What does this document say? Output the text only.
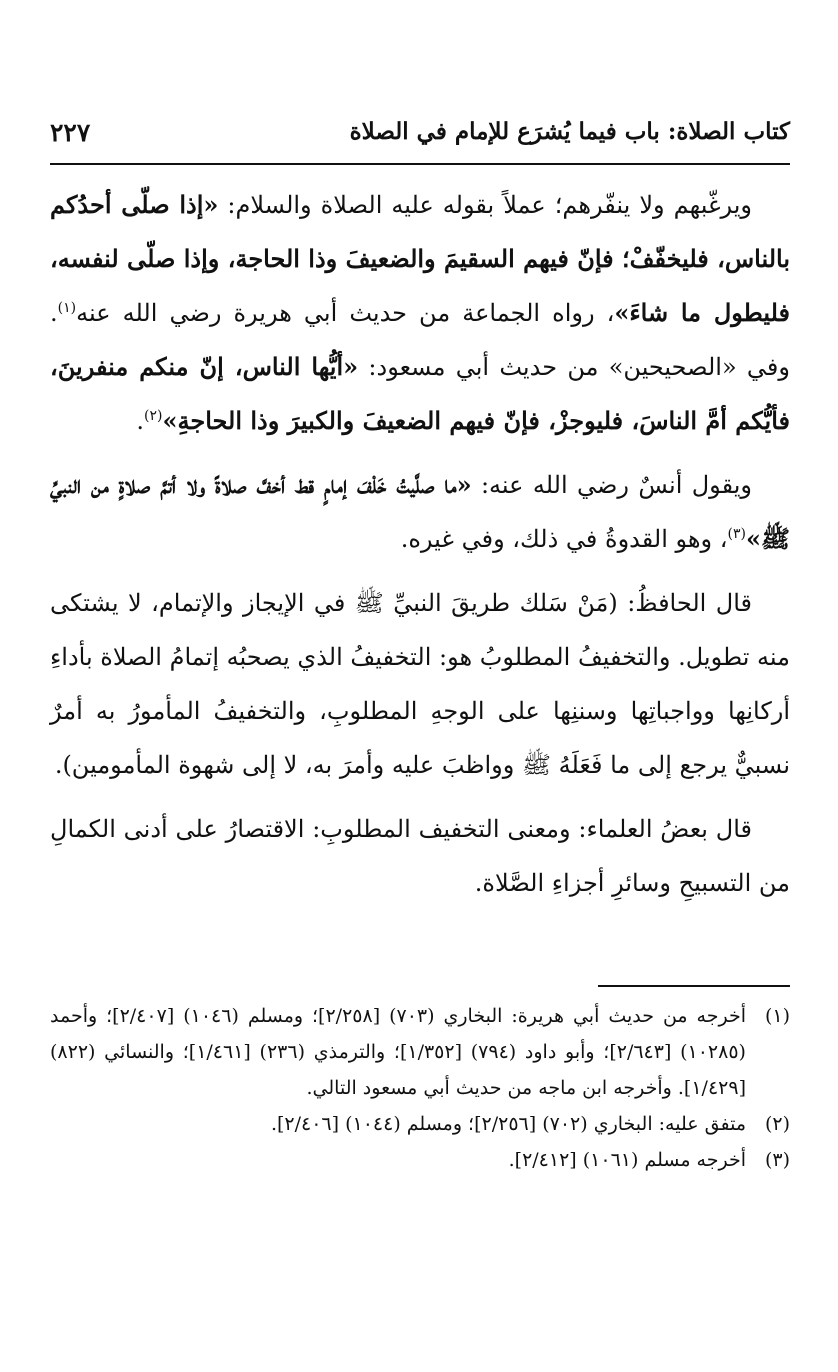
كتاب الصلاة: باب فيما يُشرَع للإمام في الصلاة
٢٢٧

ويرغّبهم ولا ينفّرهم؛ عملاً بقوله عليه الصلاة والسلام: «إذا صلّى أحدُكم بالناس، فليخفّفْ؛ فإنّ فيهم السقيمَ والضعيفَ وذا الحاجة، وإذا صلّى لنفسه، فليطول ما شاءَ»، رواه الجماعة من حديث أبي هريرة رضي الله عنه$^{(١)}$. وفي «الصحيحين» من حديث أبي مسعود: «أيُّها الناس، إنّ منكم منفرينَ، فأيُّكم أمَّ الناسَ، فليوجزْ، فإنّ فيهم الضعيفَ والكبيرَ وذا الحاجةِ»$^{(٢)}$.

ويقول أنسٌ رضي الله عنه: «ما صلَّيتُ خَلْفَ إمامٍ قط أخفَّ صلاةً ولا أتمَّ صلاةٍ من النبيِّ ﷺ»$^{(٣)}$، وهو القدوةُ في ذلك، وفي غيره.

قال الحافظُ: (مَنْ سَلك طريقَ النبيِّ ﷺ في الإيجاز والإتمام، لا يشتكى منه تطويل. والتخفيفُ المطلوبُ هو: التخفيفُ الذي يصحبُه إتمامُ الصلاة بأداءِ أركانِها وواجباتِها وسننِها على الوجهِ المطلوبِ، والتخفيفُ المأمورُ به أمرٌ نسبيٌّ يرجع إلى ما فَعَلَهُ ﷺ وواظبَ عليه وأمرَ به، لا إلى شهوة المأمومين).

قال بعضُ العلماء: ومعنى التخفيف المطلوبِ: الاقتصارُ على أدنى الكمالِ من التسبيحِ وسائرِ أجزاءِ الصَّلاة.

(١)
أخرجه من حديث أبي هريرة: البخاري (٧٠٣) [٢/٢٥٨]؛ ومسلم (١٠٤٦) [٢/٤٠٧]؛ وأحمد (١٠٢٨٥) [٢/٦٤٣]؛ وأبو داود (٧٩٤) [١/٣٥٢]؛ والترمذي (٢٣٦) [١/٤٦١]؛ والنسائي (٨٢٢) [١/٤٢٩]. وأخرجه ابن ماجه من حديث أبي مسعود التالي.
(٢)
متفق عليه: البخاري (٧٠٢) [٢/٢٥٦]؛ ومسلم (١٠٤٤) [٢/٤٠٦].
(٣)
أخرجه مسلم (١٠٦١) [٢/٤١٢].
